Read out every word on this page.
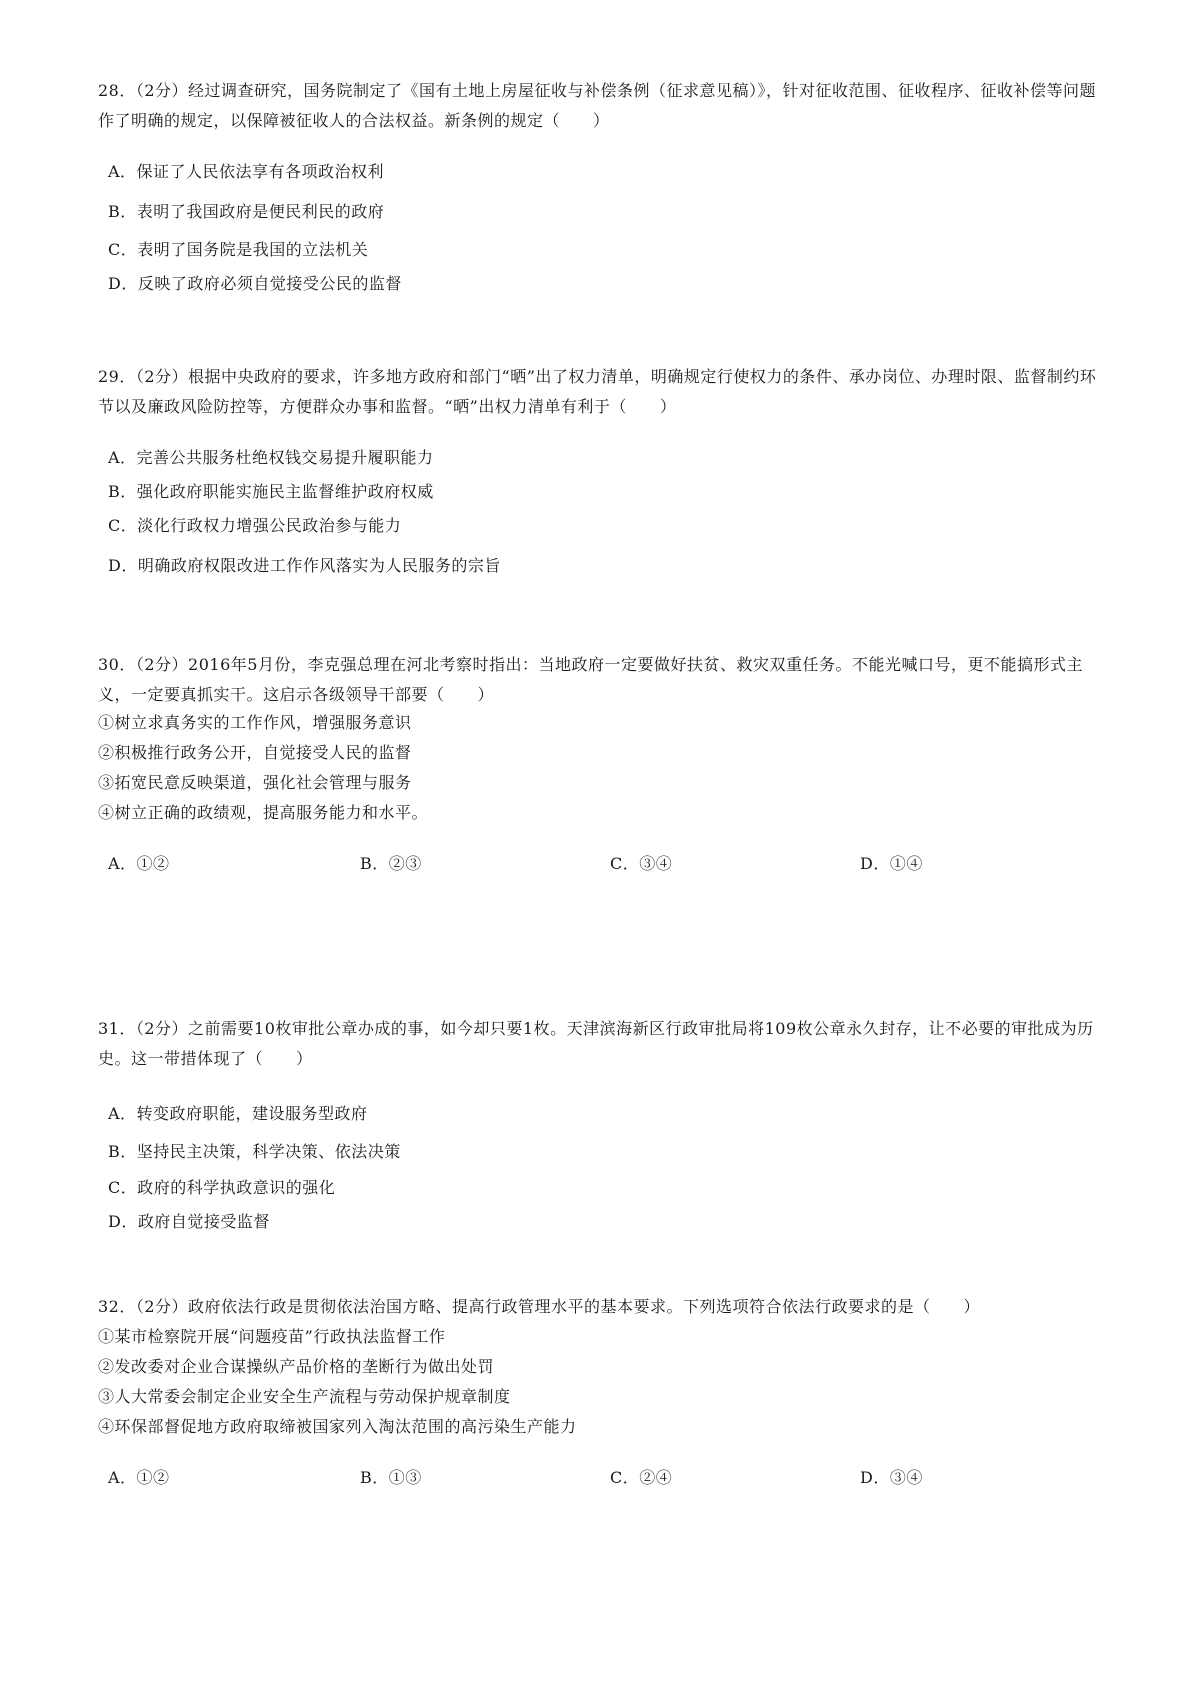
28．（2分）经过调查研究，国务院制定了《国有土地上房屋征收与补偿条例（征求意见稿）》，针对征收范围、征收程序、征收补偿等问题作了明确的规定，以保障被征收人的合法权益。新条例的规定（　　）

A．保证了人民依法享有各项政治权利
B．表明了我国政府是便民利民的政府
C．表明了国务院是我国的立法机关
D．反映了政府必须自觉接受公民的监督

29．（2分）根据中央政府的要求，许多地方政府和部门“晒”出了权力清单，明确规定行使权力的条件、承办岗位、办理时限、监督制约环节以及廉政风险防控等，方便群众办事和监督。“晒”出权力清单有利于（　　）

A．完善公共服务杜绝权钱交易提升履职能力
B．强化政府职能实施民主监督维护政府权威
C．淡化行政权力增强公民政治参与能力
D．明确政府权限改进工作作风落实为人民服务的宗旨

30．（2分）2016年5月份，李克强总理在河北考察时指出：当地政府一定要做好扶贫、救灾双重任务。不能光喊口号，更不能搞形式主义，一定要真抓实干。这启示各级领导干部要（　　）

①树立求真务实的工作作风，增强服务意识

②积极推行政务公开，自觉接受人民的监督

③拓宽民意反映渠道，强化社会管理与服务

④树立正确的政绩观，提高服务能力和水平。

A．①②	B．②③	C．③④	D．①④

31．（2分）之前需要10枚审批公章办成的事，如今却只要1枚。天津滨海新区行政审批局将109枚公章永久封存，让不必要的审批成为历史。这一带措体现了（　　）

A．转变政府职能，建设服务型政府
B．坚持民主决策，科学决策、依法决策
C．政府的科学执政意识的强化
D．政府自觉接受监督

32．（2分）政府依法行政是贯彻依法治国方略、提高行政管理水平的基本要求。下列选项符合依法行政要求的是（　　）

①某市检察院开展“问题疫苗”行政执法监督工作

②发改委对企业合谋操纵产品价格的垄断行为做出处罚

③人大常委会制定企业安全生产流程与劳动保护规章制度

④环保部督促地方政府取缔被国家列入淘汰范围的高污染生产能力

A．①②	B．①③	C．②④	D．③④
